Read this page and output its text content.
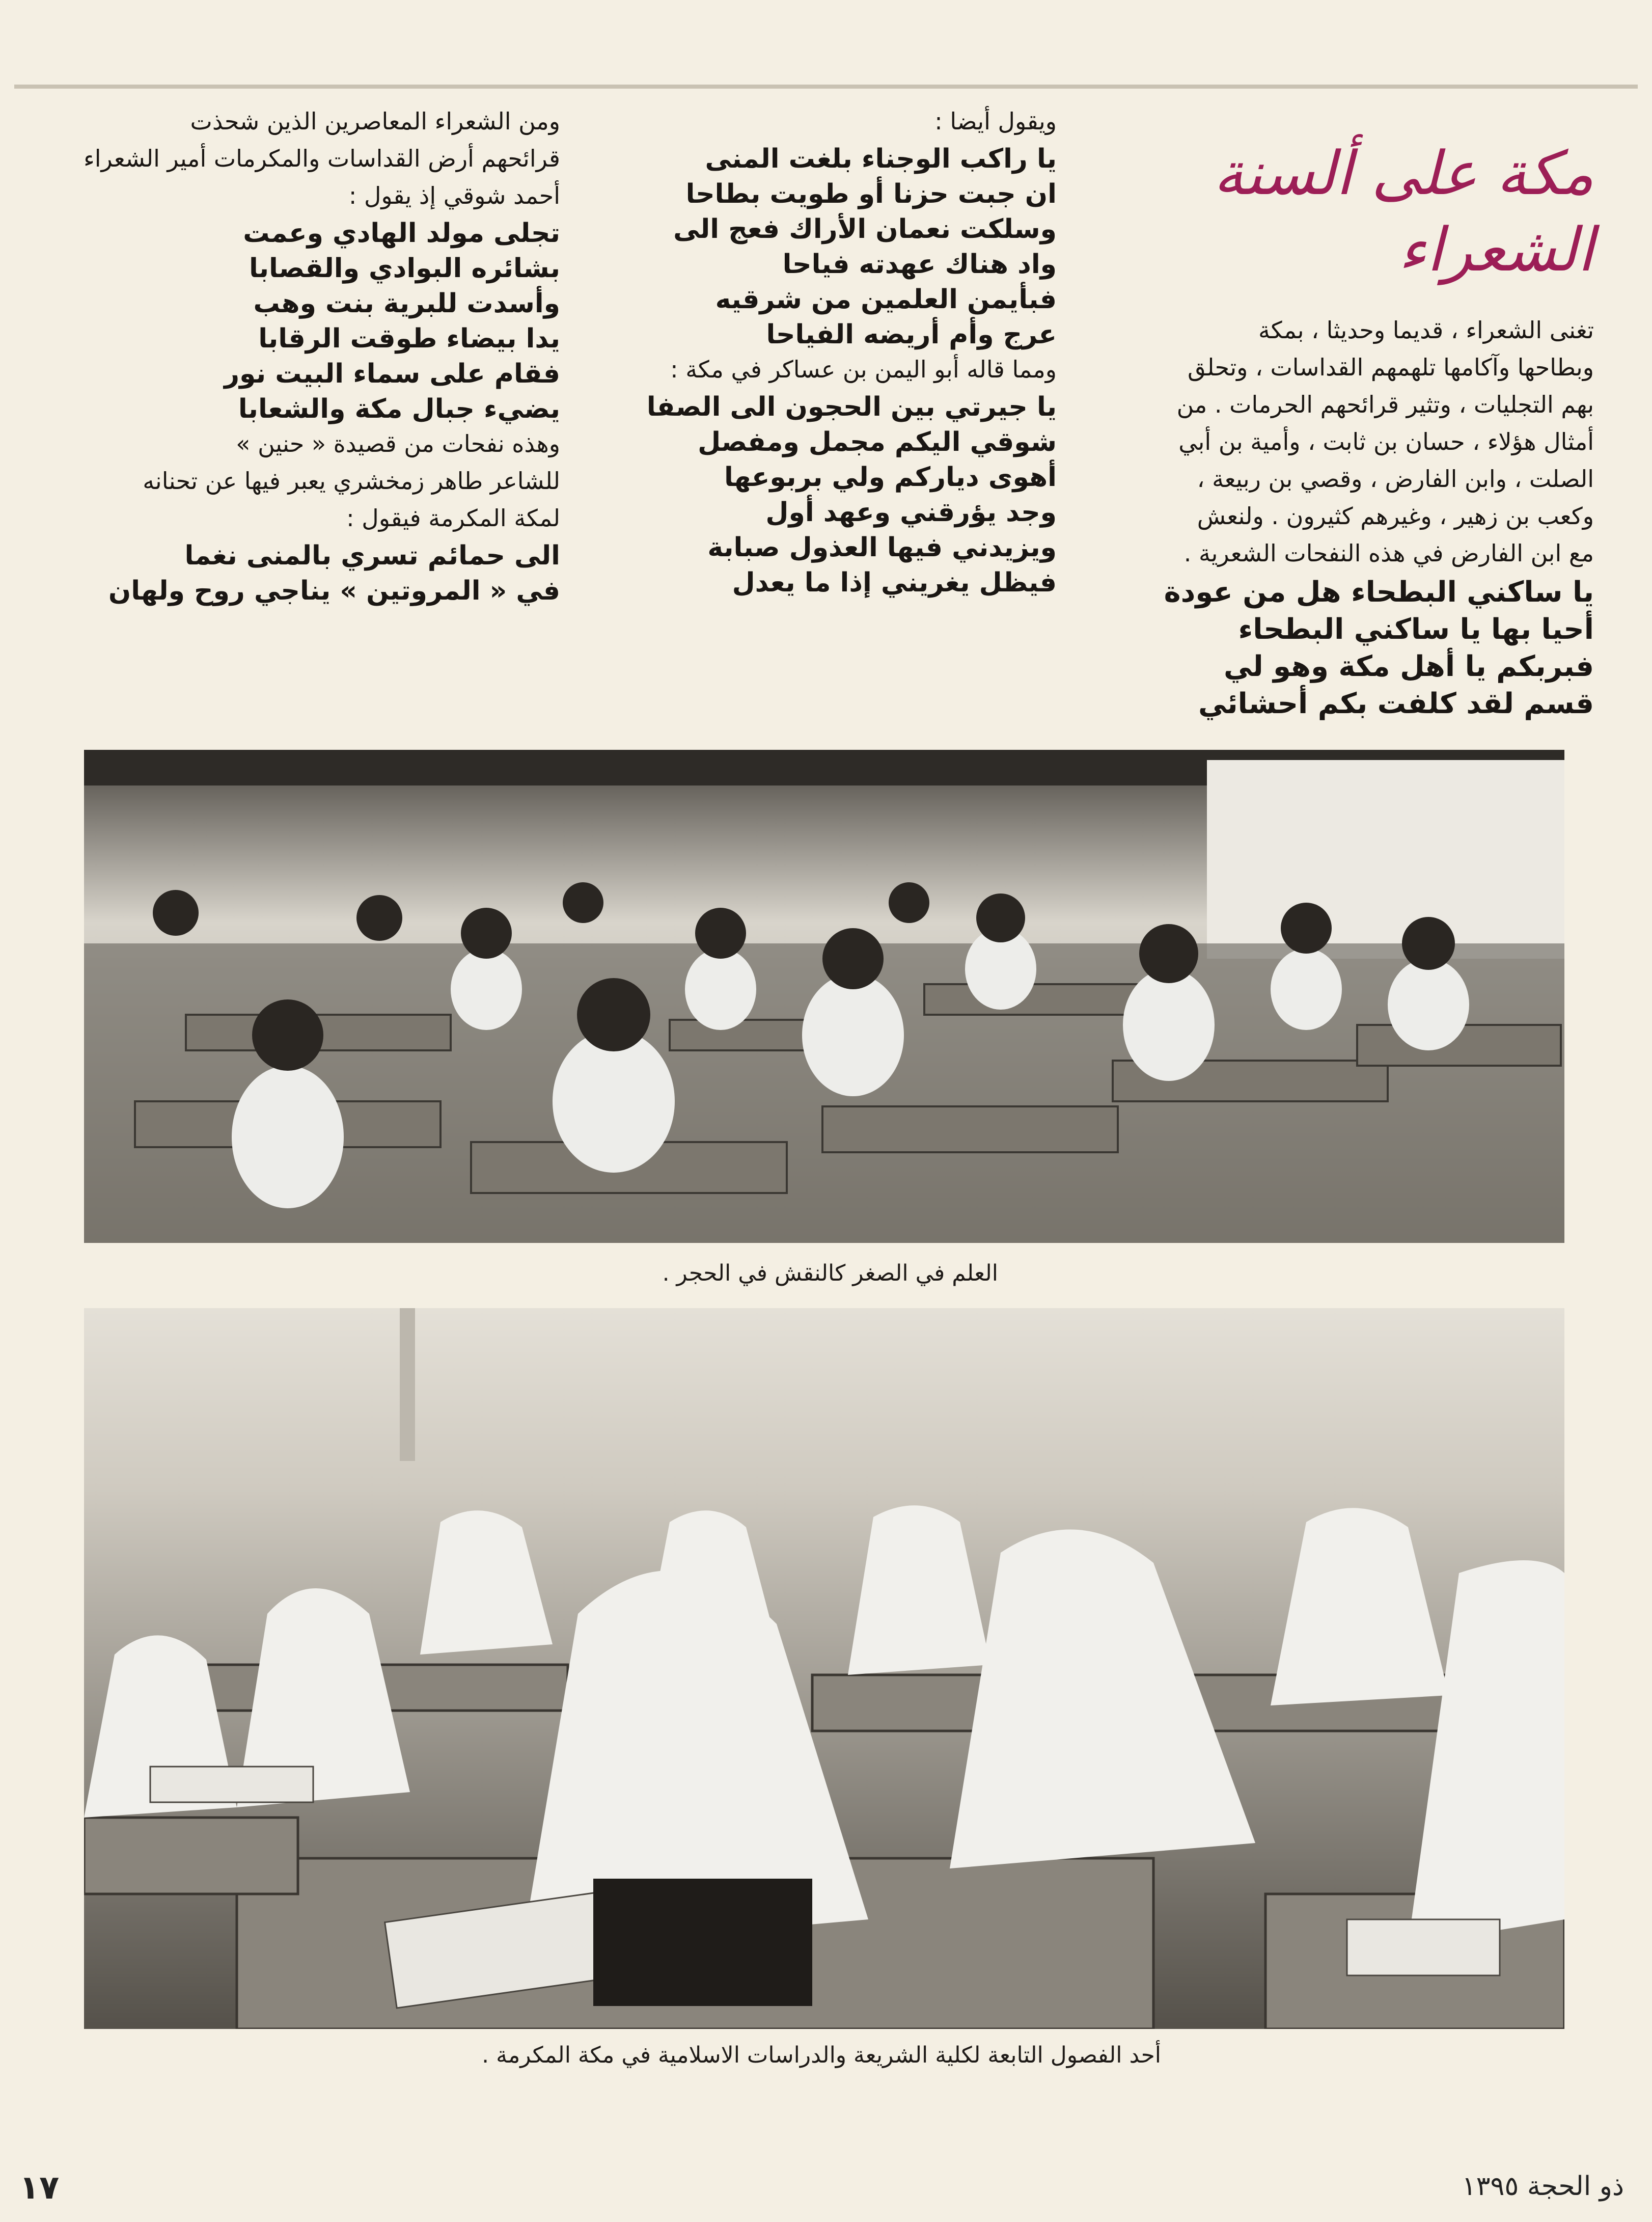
مكة على ألسنة الشعراء

تغنى الشعراء ، قديما وحديثا ، بمكة

وبطاحها وآكامها تلهمهم القداسات ، وتحلق

بهم التجليات ، وتثير قرائحهم الحرمات . من

أمثال هؤلاء ، حسان بن ثابت ، وأمية بن أبي

الصلت ، وابن الفارض ، وقصي بن ربيعة ،

وكعب بن زهير ، وغيرهم كثيرون . ولنعش

مع ابن الفارض في هذه النفحات الشعرية .

يا ساكني البطحاء هل من عودة

أحيا بها يا ساكني البطحاء

فبربكم يا أهل مكة وهو لي

قسم لقد كلفت بكم أحشائي

ويقول أيضا :

يا راكب الوجناء بلغت المنى

ان جبت حزنا أو طويت بطاحا

وسلكت نعمان الأراك فعج الى

واد هناك عهدته فياحا

فبأيمن العلمين من شرقيه

عرج وأم أريضه الفياحا

ومما قاله أبو اليمن بن عساكر في مكة :

يا جيرتي بين الحجون الى الصفا

شوقي اليكم مجمل ومفصل

أهوى دياركم ولي بربوعها

وجد يؤرقني وعهد أول

ويزيدني فيها العذول صبابة

فيظل يغريني إذا ما يعدل

ومن الشعراء المعاصرين الذين شحذت

قرائحهم أرض القداسات والمكرمات أمير الشعراء

أحمد شوقي إذ يقول :

تجلى مولد الهادي وعمت

بشائره البوادي والقصابا

وأسدت للبرية بنت وهب

يدا بيضاء طوقت الرقابا

فقام على سماء البيت نور

يضيء جبال مكة والشعابا

وهذه نفحات من قصيدة « حنين »

للشاعر طاهر زمخشري يعبر فيها عن تحنانه

لمكة المكرمة فيقول :

الى حمائم تسري بالمنى نغما

في « المروتين » يناجي روح ولهان

العلم في الصغر كالنقش في الحجر .
أحد الفصول التابعة لكلية الشريعة والدراسات الاسلامية في مكة المكرمة .
١٧	ذو الحجة ١٣٩٥
